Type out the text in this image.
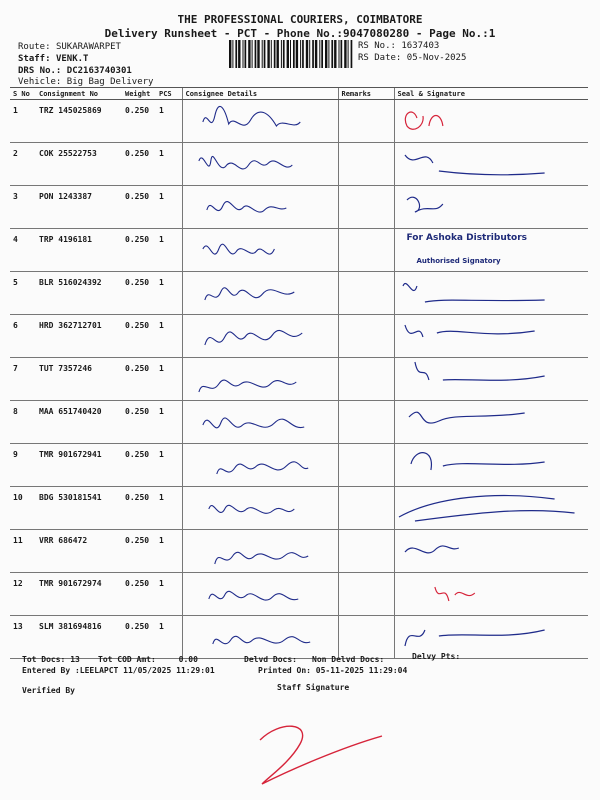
THE PROFESSIONAL COURIERS, COIMBATORE
Delivery Runsheet - PCT - Phone No.:9047080280 - Page No.:1
Route: SUKARAWARPET
Staff: VENK.T
DRS No.: DC2163740301
Vehicle: Big Bag Delivery
RS No.: 1637403
RS Date: 05-Nov-2025
S No	Consignment No	Weight	PCS	Consignee Details	Remarks	Seal & Signature
1	TRZ 145025869	0.250	1	

2	COK 25522753	0.250	1	

3	PON 1243387	0.250	1	

4	TRP 4196181	0.250	1			For Ashoka Distributors
Authorised Signatory

5	BLR 516024392	0.250	1	

6	HRD 362712701	0.250	1	

7	TUT 7357246	0.250	1	

8	MAA 651740420	0.250	1	

9	TMR 901672941	0.250	1	

10	BDG 530181541	0.250	1	

11	VRR 686472	0.250	1	

12	TMR 901672974	0.250	1	

13	SLM 381694816	0.250	1	

Tot Docs: 13 Tot COD Amt:	0.00	Delvd Docs: Non Delvd Docs:	Delvy Pts:
Entered By :LEELAPCT 11/05/2025 11:29:01	Printed On: 05-11-2025 11:29:04
Verified By	Staff Signature
